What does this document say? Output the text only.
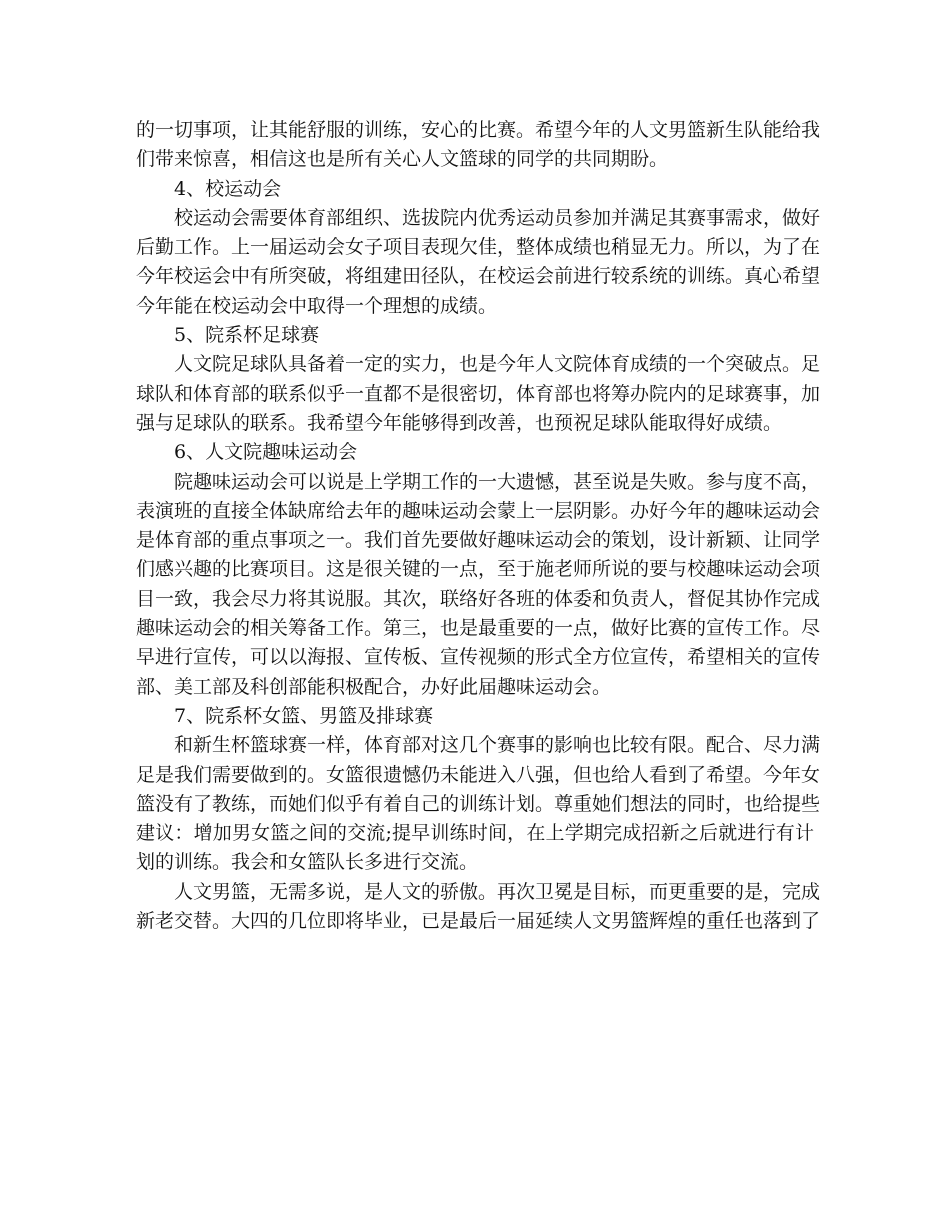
的一切事项，让其能舒服的训练，安心的比赛。希望今年的人文男篮新生队能给我
们带来惊喜，相信这也是所有关心人文篮球的同学的共同期盼。
4、校运动会
校运动会需要体育部组织、选拔院内优秀运动员参加并满足其赛事需求，做好
后勤工作。上一届运动会女子项目表现欠佳，整体成绩也稍显无力。所以，为了在
今年校运会中有所突破，将组建田径队，在校运会前进行较系统的训练。真心希望
今年能在校运动会中取得一个理想的成绩。
5、院系杯足球赛
人文院足球队具备着一定的实力，也是今年人文院体育成绩的一个突破点。足
球队和体育部的联系似乎一直都不是很密切，体育部也将筹办院内的足球赛事，加
强与足球队的联系。我希望今年能够得到改善，也预祝足球队能取得好成绩。
6、人文院趣味运动会
院趣味运动会可以说是上学期工作的一大遗憾，甚至说是失败。参与度不高，
表演班的直接全体缺席给去年的趣味运动会蒙上一层阴影。办好今年的趣味运动会
是体育部的重点事项之一。我们首先要做好趣味运动会的策划，设计新颖、让同学
们感兴趣的比赛项目。这是很关键的一点，至于施老师所说的要与校趣味运动会项
目一致，我会尽力将其说服。其次，联络好各班的体委和负责人，督促其协作完成
趣味运动会的相关筹备工作。第三，也是最重要的一点，做好比赛的宣传工作。尽
早进行宣传，可以以海报、宣传板、宣传视频的形式全方位宣传，希望相关的宣传
部、美工部及科创部能积极配合，办好此届趣味运动会。
7、院系杯女篮、男篮及排球赛
和新生杯篮球赛一样，体育部对这几个赛事的影响也比较有限。配合、尽力满
足是我们需要做到的。女篮很遗憾仍未能进入八强，但也给人看到了希望。今年女
篮没有了教练，而她们似乎有着自己的训练计划。尊重她们想法的同时，也给提些
建议：增加男女篮之间的交流;提早训练时间，在上学期完成招新之后就进行有计
划的训练。我会和女篮队长多进行交流。
人文男篮，无需多说，是人文的骄傲。再次卫冕是目标，而更重要的是，完成
新老交替。大四的几位即将毕业，已是最后一届延续人文男篮辉煌的重任也落到了
